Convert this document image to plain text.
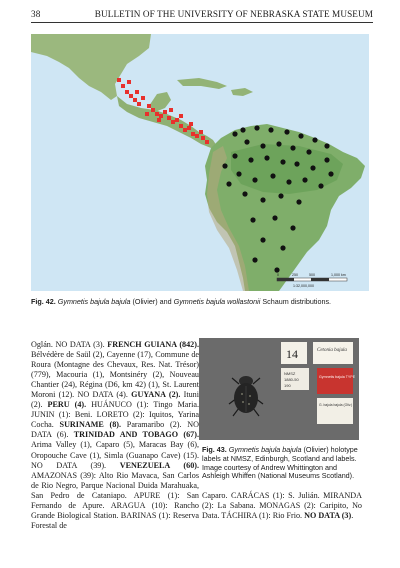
38	BULLETIN OF THE UNIVERSITY OF NEBRASKA STATE MUSEUM
0	250	500	1,000 km
1:32,000,000
Fig. 42. Gymnetis bajula bajula (Olivier) and Gymnetis bajula wollastonii Schaum distributions.
Oglán. NO DATA (3). FRENCH GUIANA (842). Bélvédère de Saül (2), Cayenne (17), Commune de Roura (Montagne des Chevaux, Res. Nat. Trésor) (779), Macouria (1), Montsinéry (2), Nouveau Chantier (24), Régina (D6, km 42) (1), St. Laurent Moroni (12). NO DATA (4). GUYANA (2). Ituni (2). PERU (4). HUÁNUCO (1): Tingo Maria. JUNIN (1): Beni. LORETO (2): Iquitos, Yarina Cocha. SURINAME (8). Paramaribo (2). NO DATA (6). TRINIDAD AND TOBAGO (67). Arima Valley (1), Caparo (5), Maracas Bay (6), Oropouche Cave (1), Simla (Guanapo Cave) (15). NO DATA (39). VENEZUELA (60). AMAZONAS (39): Alto Rio Mavaca, San Carlos de Rio Negro, Parque Nacional Duida Marahuaka, San Pedro de Cataniapo. APURE (1): San Fernando de Apure. ARAGUA (10): Rancho Grande Biological Station. BARINAS (1): Reserva Forestal de
14	Cetonia bajula
NMSZ
1880-50
190
Gymnetis bajula TYPE
G. bajula bajula (Oliv.)
Fig. 43. Gymnetis bajula bajula (Olivier) holotype labels at NMSZ, Edinburgh, Scotland and labels. Image courtesy of Andrew Whittington and Ashleigh Whiffen (National Museums Scotland).
Caparo. CARÁCAS (1): S. Julián. MIRANDA (2): La Sabana. MONAGAS (2): Caripito, No Data. TÁCHIRA (1): Rio Frio. NO DATA (3).
